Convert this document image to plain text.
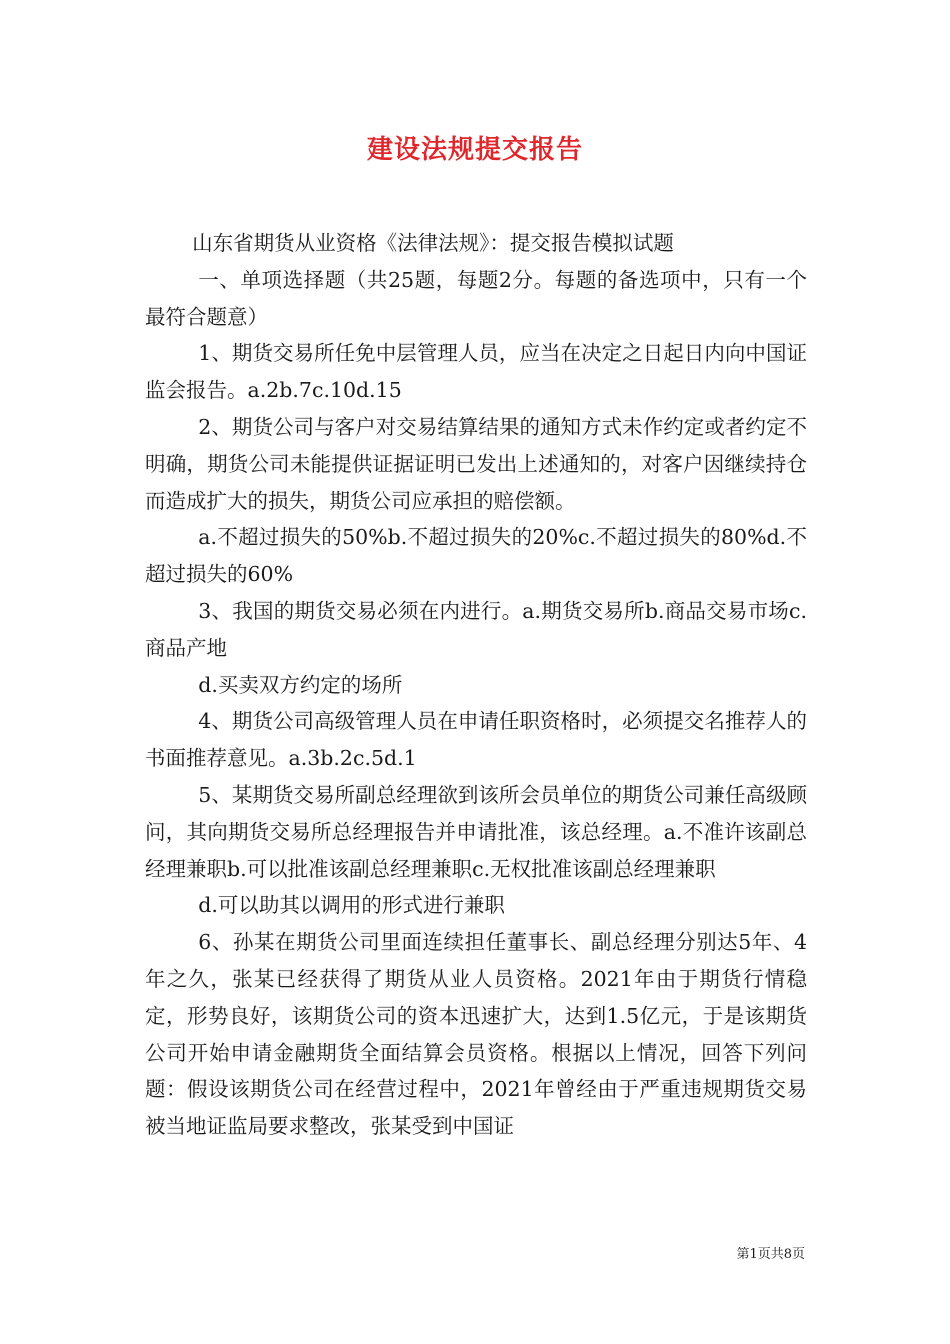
建设法规提交报告

山东省期货从业资格《法律法规》：提交报告模拟试题

一、单项选择题（共25题，每题2分。每题的备选项中，只有一个最符合题意）

1、期货交易所任免中层管理人员，应当在决定之日起日内向中国证监会报告。a.2b.7c.10d.15

2、期货公司与客户对交易结算结果的通知方式未作约定或者约定不明确，期货公司未能提供证据证明已发出上述通知的，对客户因继续持仓而造成扩大的损失，期货公司应承担的赔偿额。

a.不超过损失的50%b.不超过损失的20%c.不超过损失的80%d.不超过损失的60%

3、我国的期货交易必须在内进行。a.期货交易所b.商品交易市场c.商品产地

d.买卖双方约定的场所

4、期货公司高级管理人员在申请任职资格时，必须提交名推荐人的书面推荐意见。a.3b.2c.5d.1

5、某期货交易所副总经理欲到该所会员单位的期货公司兼任高级顾问，其向期货交易所总经理报告并申请批准，该总经理。a.不准许该副总经理兼职b.可以批准该副总经理兼职c.无权批准该副总经理兼职

d.可以助其以调用的形式进行兼职

6、孙某在期货公司里面连续担任董事长、副总经理分别达5年、4年之久，张某已经获得了期货从业人员资格。2021年由于期货行情稳定，形势良好，该期货公司的资本迅速扩大，达到1.5亿元，于是该期货公司开始申请金融期货全面结算会员资格。根据以上情况，回答下列问题：假设该期货公司在经营过程中，2021年曾经由于严重违规期货交易被当地证监局要求整改，张某受到中国证

第1页共8页
